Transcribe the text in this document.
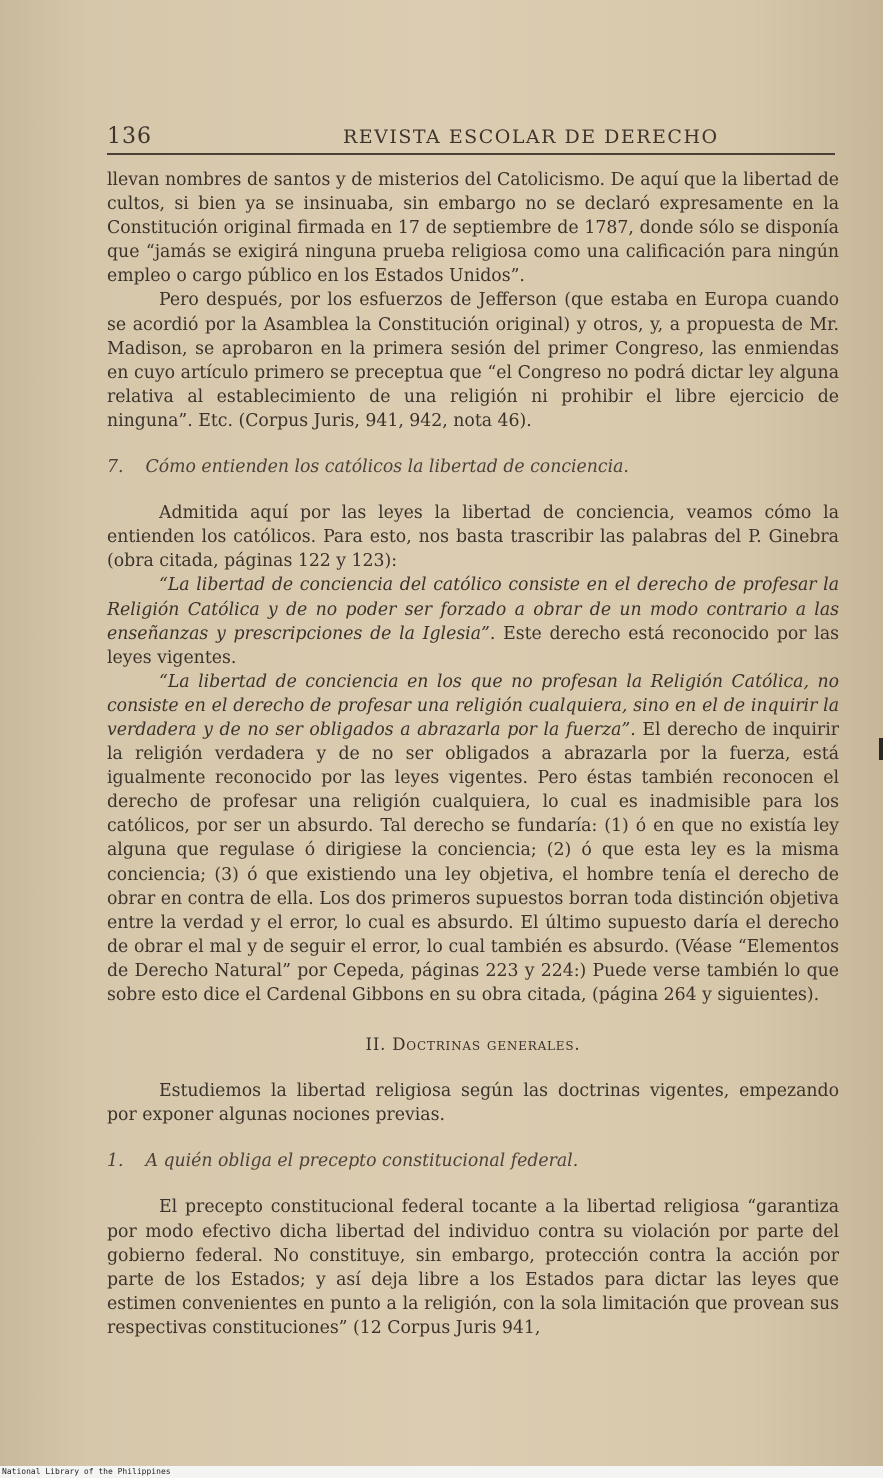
136	REVISTA ESCOLAR DE DERECHO

llevan nombres de santos y de misterios del Catolicismo. De aquí que la libertad de cultos, si bien ya se insinuaba, sin embargo no se declaró expresamente en la Constitución original firmada en 17 de septiembre de 1787, donde sólo se disponía que “jamás se exigirá ninguna prueba religiosa como una calificación para ningún empleo o cargo público en los Estados Unidos”.

Pero después, por los esfuerzos de Jefferson (que estaba en Europa cuando se acordió por la Asamblea la Constitución original) y otros, y, a propuesta de Mr. Madison, se aprobaron en la primera sesión del primer Congreso, las enmiendas en cuyo artículo primero se preceptua que “el Congreso no podrá dictar ley alguna relativa al establecimiento de una religión ni prohibir el libre ejercicio de ninguna”. Etc. (Corpus Juris, 941, 942, nota 46).

7. Cómo entienden los católicos la libertad de conciencia.

Admitida aquí por las leyes la libertad de conciencia, veamos cómo la entienden los católicos. Para esto, nos basta trascribir las palabras del P. Ginebra (obra citada, páginas 122 y 123):

“La libertad de conciencia del católico consiste en el derecho de profesar la Religión Católica y de no poder ser forzado a obrar de un modo contrario a las enseñanzas y prescripciones de la Iglesia”. Este derecho está reconocido por las leyes vigentes.

“La libertad de conciencia en los que no profesan la Religión Católica, no consiste en el derecho de profesar una religión cualquiera, sino en el de inquirir la verdadera y de no ser obligados a abrazarla por la fuerza”. El derecho de inquirir la religión verdadera y de no ser obligados a abrazarla por la fuerza, está igualmente reconocido por las leyes vigentes. Pero éstas también reconocen el derecho de profesar una religión cualquiera, lo cual es inadmisible para los católicos, por ser un absurdo. Tal derecho se fundaría: (1) ó en que no existía ley alguna que regulase ó dirigiese la conciencia; (2) ó que esta ley es la misma conciencia; (3) ó que existiendo una ley objetiva, el hombre tenía el derecho de obrar en contra de ella. Los dos primeros supuestos borran toda distinción objetiva entre la verdad y el error, lo cual es absurdo. El último supuesto daría el derecho de obrar el mal y de seguir el error, lo cual también es absurdo. (Véase “Elementos de Derecho Natural” por Cepeda, páginas 223 y 224:) Puede verse también lo que sobre esto dice el Cardenal Gibbons en su obra citada, (página 264 y siguientes).

II. Doctrinas generales.

Estudiemos la libertad religiosa según las doctrinas vigentes, empezando por exponer algunas nociones previas.

1. A quién obliga el precepto constitucional federal.

El precepto constitucional federal tocante a la libertad religiosa “garantiza por modo efectivo dicha libertad del individuo contra su violación por parte del gobierno federal. No constituye, sin embargo, protección contra la acción por parte de los Estados; y así deja libre a los Estados para dictar las leyes que estimen convenientes en punto a la religión, con la sola limitación que provean sus respectivas constituciones” (12 Corpus Juris 941,

National Library of the Philippines
